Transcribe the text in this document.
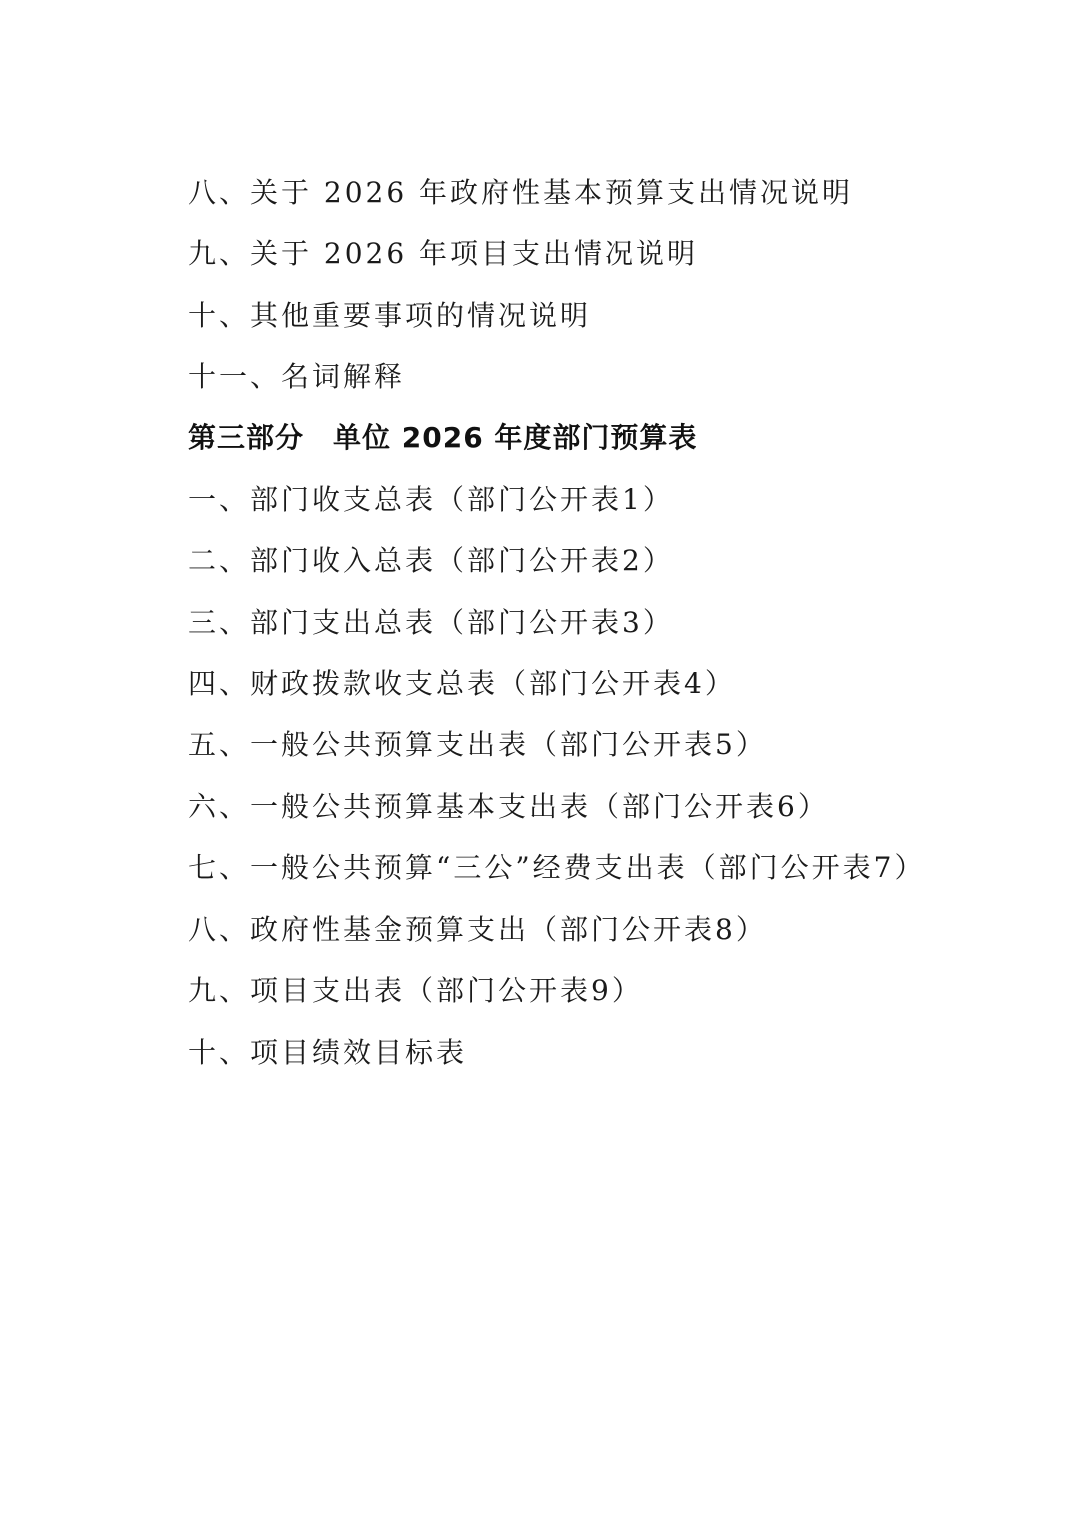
八、关于 2026 年政府性基本预算支出情况说明
九、关于 2026 年项目支出情况说明
十、其他重要事项的情况说明
十一、名词解释
第三部分　单位 2026 年度部门预算表
一、部门收支总表（部门公开表1）
二、部门收入总表（部门公开表2）
三、部门支出总表（部门公开表3）
四、财政拨款收支总表（部门公开表4）
五、一般公共预算支出表（部门公开表5）
六、一般公共预算基本支出表（部门公开表6）
七、一般公共预算“三公”经费支出表（部门公开表7）
八、政府性基金预算支出（部门公开表8）
九、项目支出表（部门公开表9）
十、项目绩效目标表
